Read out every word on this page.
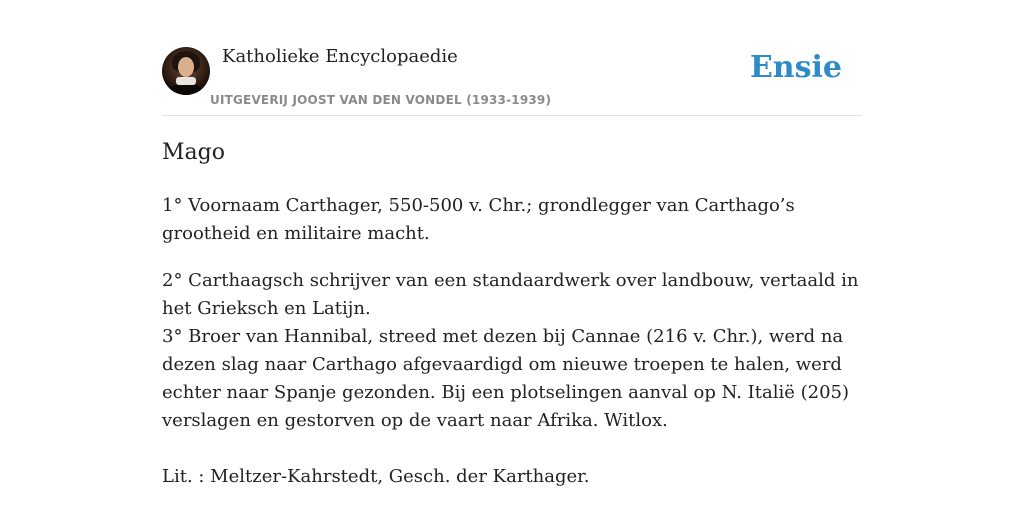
Katholieke Encyclopaedie
UITGEVERIJ JOOST VAN DEN VONDEL (1933-1939)
Ensie
Mago

1° Voornaam Carthager, 550-500 v. Chr.; grondlegger van Carthago’s grootheid en militaire macht.

2° Carthaagsch schrijver van een standaardwerk over landbouw, vertaald in het Grieksch en Latijn.

3° Broer van Hannibal, streed met dezen bij Cannae (216 v. Chr.), werd na dezen slag naar Carthago afgevaardigd om nieuwe troepen te halen, werd echter naar Spanje gezonden. Bij een plotselingen aanval op N. Italië (205) verslagen en gestorven op de vaart naar Afrika. Witlox.

Lit. : Meltzer-Kahrstedt, Gesch. der Karthager.
